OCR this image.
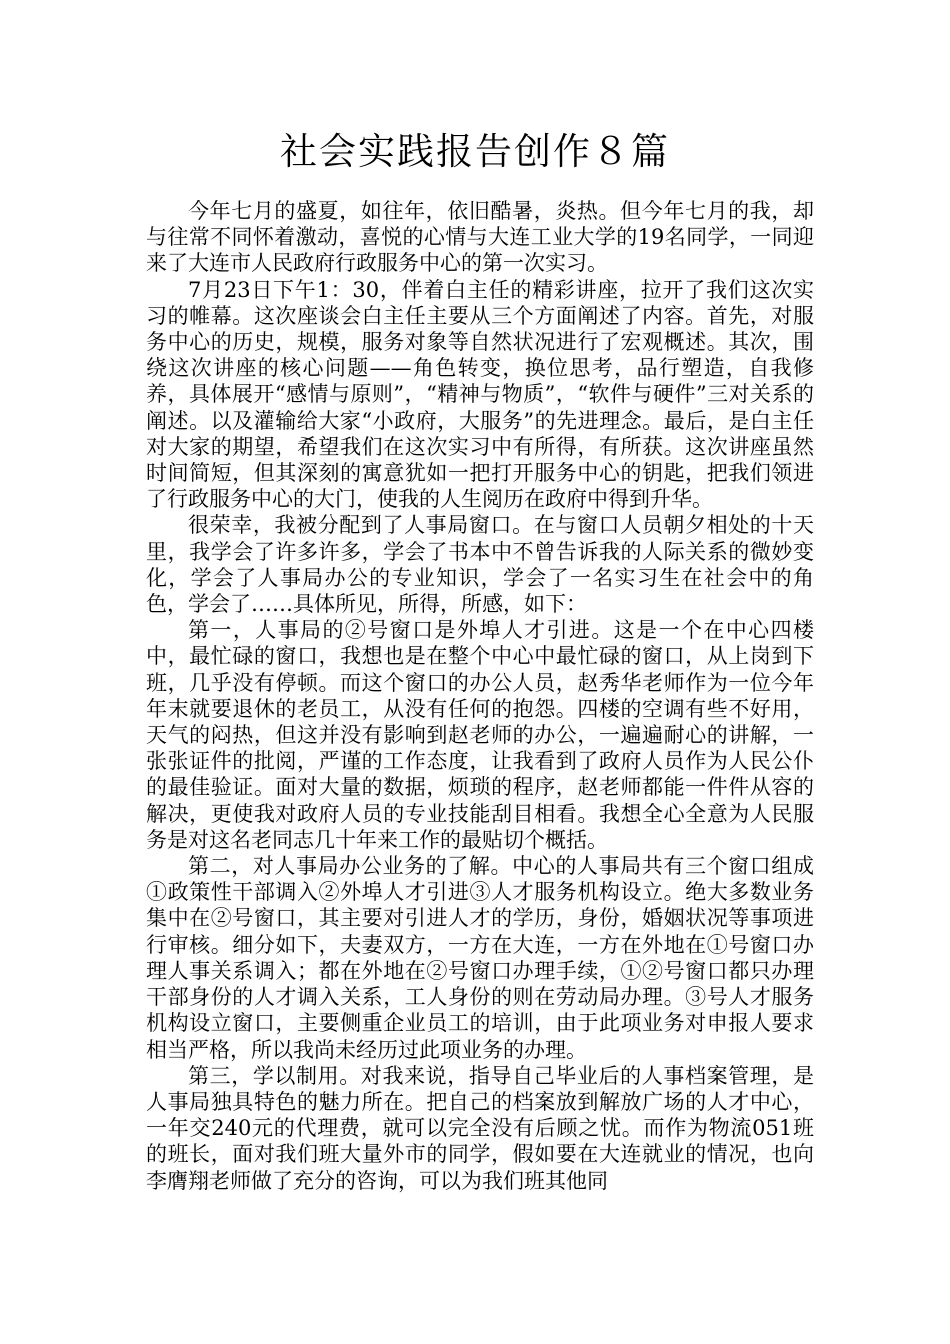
社会实践报告创作８篇

今年七月的盛夏，如往年，依旧酷暑，炎热。但今年七月的我，却与往常不同怀着激动，喜悦的心情与大连工业大学的19名同学，一同迎来了大连市人民政府行政服务中心的第一次实习。

7月23日下午1：30，伴着白主任的精彩讲座，拉开了我们这次实习的帷幕。这次座谈会白主任主要从三个方面阐述了内容。首先，对服务中心的历史，规模，服务对象等自然状况进行了宏观概述。其次，围绕这次讲座的核心问题——角色转变，换位思考，品行塑造，自我修养，具体展开“感情与原则”，“精神与物质”，“软件与硬件”三对关系的阐述。以及灌输给大家“小政府，大服务”的先进理念。最后，是白主任对大家的期望，希望我们在这次实习中有所得，有所获。这次讲座虽然时间简短，但其深刻的寓意犹如一把打开服务中心的钥匙，把我们领进了行政服务中心的大门，使我的人生阅历在政府中得到升华。

很荣幸，我被分配到了人事局窗口。在与窗口人员朝夕相处的十天里，我学会了许多许多，学会了书本中不曾告诉我的人际关系的微妙变化，学会了人事局办公的专业知识，学会了一名实习生在社会中的角色，学会了……具体所见，所得，所感，如下：

第一，人事局的②号窗口是外埠人才引进。这是一个在中心四楼中，最忙碌的窗口，我想也是在整个中心中最忙碌的窗口，从上岗到下班，几乎没有停顿。而这个窗口的办公人员，赵秀华老师作为一位今年年末就要退休的老员工，从没有任何的抱怨。四楼的空调有些不好用，天气的闷热，但这并没有影响到赵老师的办公，一遍遍耐心的讲解，一张张证件的批阅，严谨的工作态度，让我看到了政府人员作为人民公仆的最佳验证。面对大量的数据，烦琐的程序，赵老师都能一件件从容的解决，更使我对政府人员的专业技能刮目相看。我想全心全意为人民服务是对这名老同志几十年来工作的最贴切个概括。

第二，对人事局办公业务的了解。中心的人事局共有三个窗口组成①政策性干部调入②外埠人才引进③人才服务机构设立。绝大多数业务集中在②号窗口，其主要对引进人才的学历，身份，婚姻状况等事项进行审核。细分如下，夫妻双方，一方在大连，一方在外地在①号窗口办理人事关系调入；都在外地在②号窗口办理手续，①②号窗口都只办理干部身份的人才调入关系，工人身份的则在劳动局办理。③号人才服务机构设立窗口，主要侧重企业员工的培训，由于此项业务对申报人要求相当严格，所以我尚未经历过此项业务的办理。

第三，学以制用。对我来说，指导自己毕业后的人事档案管理，是人事局独具特色的魅力所在。把自己的档案放到解放广场的人才中心，一年交240元的代理费，就可以完全没有后顾之忧。而作为物流051班的班长，面对我们班大量外市的同学，假如要在大连就业的情况，也向李膺翔老师做了充分的咨询，可以为我们班其他同
